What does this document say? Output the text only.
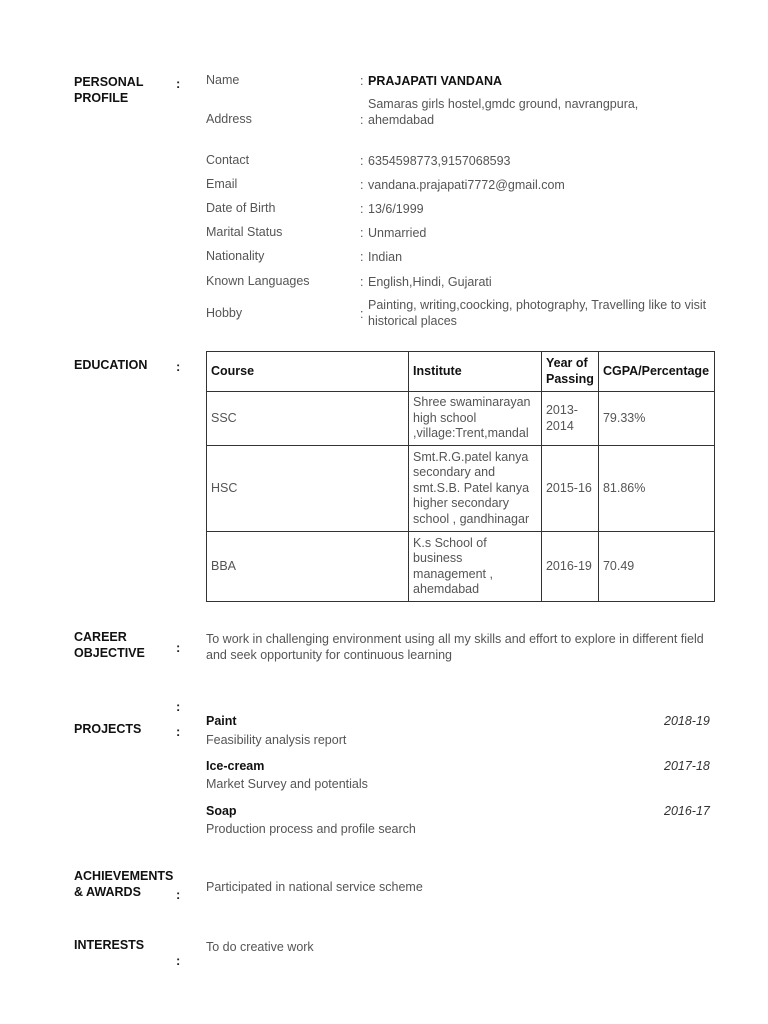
PERSONAL PROFILE
: Name	: PRAJAPATI VANDANA
Address	:
Samaras girls hostel,gmdc ground, navrangpura, ahemdabad
Contact	: 6354598773,9157068593
Email	: vandana.prajapati7772@gmail.com
Date of Birth	: 13/6/1999
Marital Status	: Unmarried
Nationality	: Indian
Known Languages	: English,Hindi, Gujarati
Hobby	:
Painting, writing,coocking, photography, Travelling like to visit historical places
EDUCATION : Course	Institute	Year of Passing	CGPA/Percentage
SSC	Shree swaminarayan high school ,village:Trent,mandal	2013-2014	79.33%
HSC	Smt.R.G.patel kanya secondary and smt.S.B. Patel kanya higher secondary school , gandhinagar	2015-16	81.86%
BBA	K.s School of business management , ahemdabad	2016-19	70.49
CAREER OBJECTIVE	:
To work in challenging environment using all my skills and effort to explore in different field and seek opportunity for continuous learning
:
PROJECTS	:
Paint
Feasibility analysis report
2018-19
Ice-cream
Market Survey and potentials
2017-18
Soap
Production process and profile search
2016-17
ACHIEVEMENTS & AWARDS	: Participated in national service scheme
INTERESTS
:
To do creative work
